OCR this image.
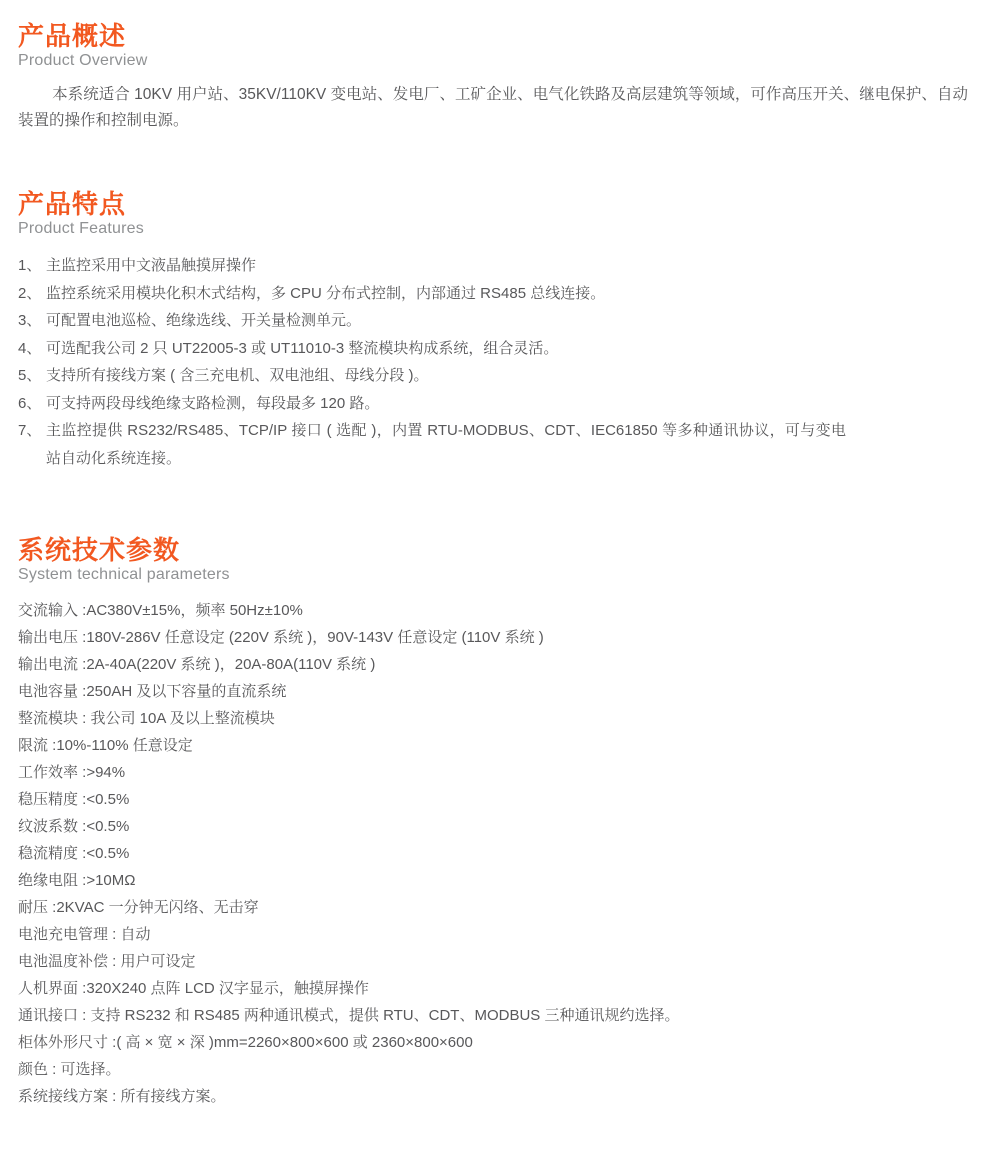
产品概述
Product Overview

本系统适合 10KV 用户站、35KV/110KV 变电站、发电厂、工矿企业、电气化铁路及高层建筑等领域，可作高压开关、继电保护、自动装置的操作和控制电源。

产品特点
Product Features
1、 主监控采用中文液晶触摸屏操作
2、 监控系统采用模块化积木式结构，多 CPU 分布式控制，内部通过 RS485 总线连接。
3、 可配置电池巡检、绝缘选线、开关量检测单元。
4、 可选配我公司 2 只 UT22005-3 或 UT11010-3 整流模块构成系统，组合灵活。
5、 支持所有接线方案 ( 含三充电机、双电池组、母线分段 )。
6、 可支持两段母线绝缘支路检测，每段最多 120 路。
7、 主监控提供 RS232/RS485、TCP/IP 接口 ( 选配 )，内置 RTU-MODBUS、CDT、IEC61850 等多种通讯协议，可与变电站自动化系统连接。
系统技术参数
System technical parameters
交流输入 :AC380V±15%，频率 50Hz±10%
输出电压 :180V-286V 任意设定 (220V 系统 )，90V-143V 任意设定 (110V 系统 )
输出电流 :2A-40A(220V 系统 )，20A-80A(110V 系统 )
电池容量 :250AH 及以下容量的直流系统
整流模块 : 我公司 10A 及以上整流模块
限流 :10%-110% 任意设定
工作效率 :>94%
稳压精度 :<0.5%
纹波系数 :<0.5%
稳流精度 :<0.5%
绝缘电阻 :>10MΩ
耐压 :2KVAC 一分钟无闪络、无击穿
电池充电管理 : 自动
电池温度补偿 : 用户可设定
人机界面 :320X240 点阵 LCD 汉字显示，触摸屏操作
通讯接口 : 支持 RS232 和 RS485 两种通讯模式，提供 RTU、CDT、MODBUS 三种通讯规约选择。
柜体外形尺寸 :( 高 × 宽 × 深 )mm=2260×800×600 或 2360×800×600
颜色 : 可选择。
系统接线方案 : 所有接线方案。
